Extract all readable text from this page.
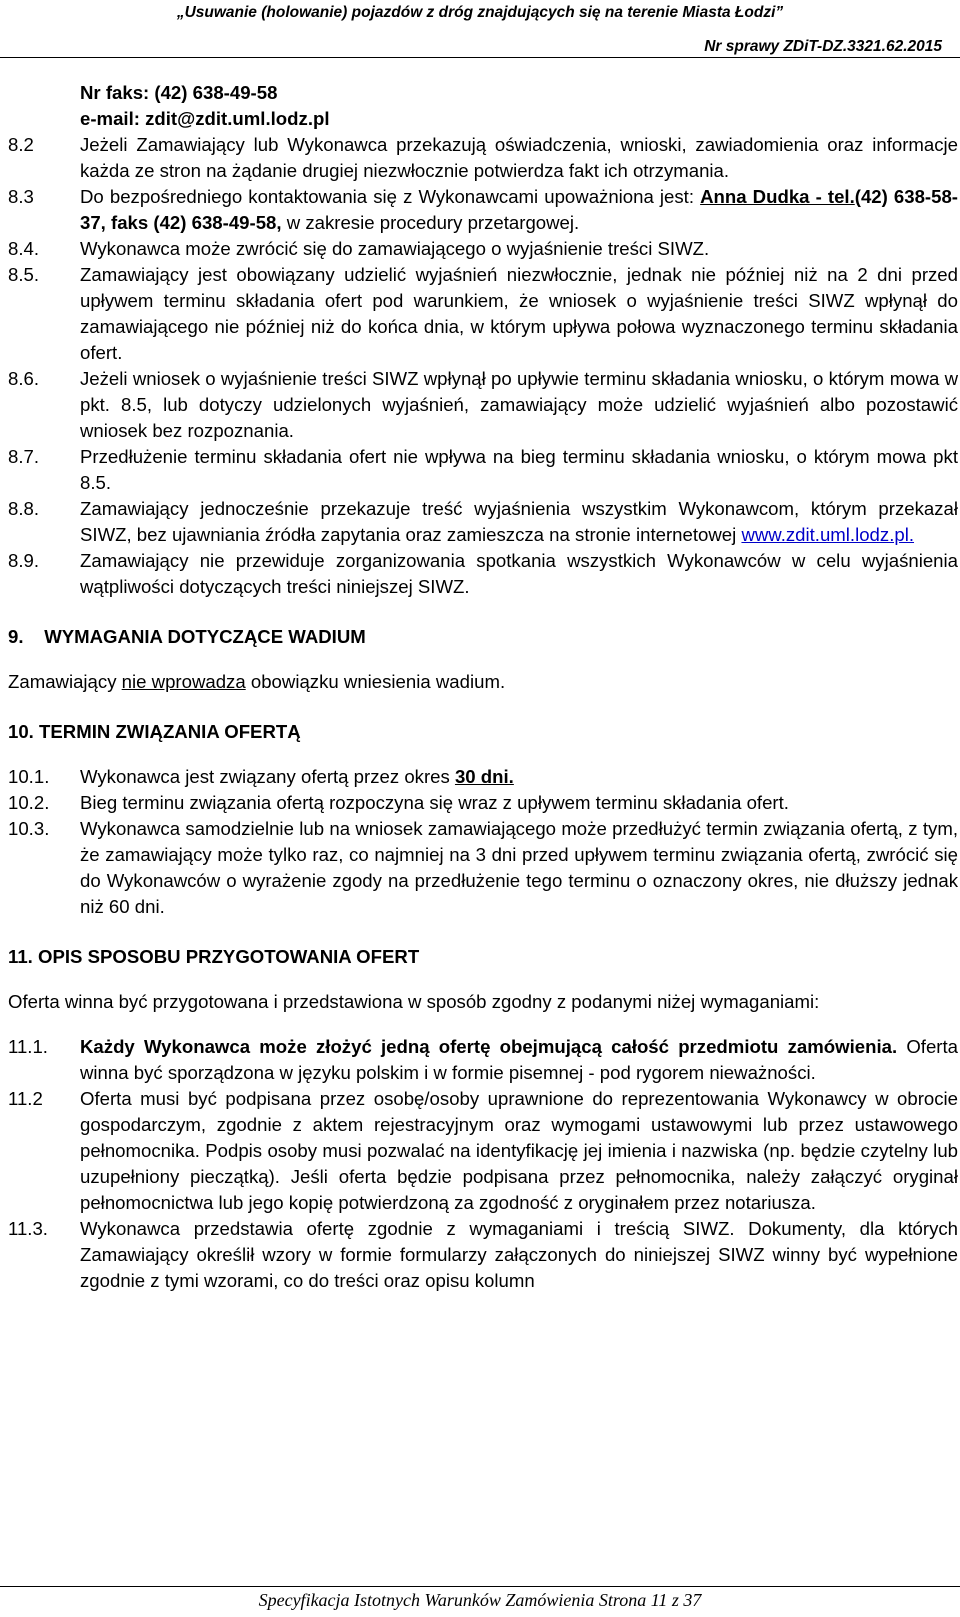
„Usuwanie (holowanie) pojazdów z dróg znajdujących się na terenie Miasta Łodzi”
Nr sprawy ZDiT-DZ.3321.62.2015
Nr faks: (42) 638-49-58
e-mail: zdit@zdit.uml.lodz.pl
8.2 Jeżeli Zamawiający lub Wykonawca przekazują oświadczenia, wnioski, zawiadomienia oraz informacje każda ze stron na żądanie drugiej niezwłocznie potwierdza fakt ich otrzymania.
8.3 Do bezpośredniego kontaktowania się z Wykonawcami upoważniona jest: Anna Dudka - tel.(42) 638-58-37, faks (42) 638-49-58, w zakresie procedury przetargowej.
8.4. Wykonawca może zwrócić się do zamawiającego o wyjaśnienie treści SIWZ.
8.5. Zamawiający jest obowiązany udzielić wyjaśnień niezwłocznie, jednak nie później niż na 2 dni przed upływem terminu składania ofert pod warunkiem, że wniosek o wyjaśnienie treści SIWZ wpłynął do zamawiającego nie później niż do końca dnia, w którym upływa połowa wyznaczonego terminu składania ofert.
8.6. Jeżeli wniosek o wyjaśnienie treści SIWZ wpłynął po upływie terminu składania wniosku, o którym mowa w pkt. 8.5, lub dotyczy udzielonych wyjaśnień, zamawiający może udzielić wyjaśnień albo pozostawić wniosek bez rozpoznania.
8.7. Przedłużenie terminu składania ofert nie wpływa na bieg terminu składania wniosku, o którym mowa pkt 8.5.
8.8. Zamawiający jednocześnie przekazuje treść wyjaśnienia wszystkim Wykonawcom, którym przekazał SIWZ, bez ujawniania źródła zapytania oraz zamieszcza na stronie internetowej www.zdit.uml.lodz.pl.
8.9. Zamawiający nie przewiduje zorganizowania spotkania wszystkich Wykonawców w celu wyjaśnienia wątpliwości dotyczących treści niniejszej SIWZ.
9. WYMAGANIA DOTYCZĄCE WADIUM
Zamawiający nie wprowadza obowiązku wniesienia wadium.
10. TERMIN ZWIĄZANIA OFERTĄ
10.1. Wykonawca jest związany ofertą przez okres 30 dni.
10.2. Bieg terminu związania ofertą rozpoczyna się wraz z upływem terminu składania ofert.
10.3. Wykonawca samodzielnie lub na wniosek zamawiającego może przedłużyć termin związania ofertą, z tym, że zamawiający może tylko raz, co najmniej na 3 dni przed upływem terminu związania ofertą, zwrócić się do Wykonawców o wyrażenie zgody na przedłużenie tego terminu o oznaczony okres, nie dłuższy jednak niż 60 dni.
11. OPIS SPOSOBU PRZYGOTOWANIA OFERT
Oferta winna być przygotowana i przedstawiona w sposób zgodny z podanymi niżej wymaganiami:
11.1. Każdy Wykonawca może złożyć jedną ofertę obejmującą całość przedmiotu zamówienia. Oferta winna być sporządzona w języku polskim i w formie pisemnej - pod rygorem nieważności.
11.2 Oferta musi być podpisana przez osobę/osoby uprawnione do reprezentowania Wykonawcy w obrocie gospodarczym, zgodnie z aktem rejestracyjnym oraz wymogami ustawowymi lub przez ustawowego pełnomocnika. Podpis osoby musi pozwalać na identyfikację jej imienia i nazwiska (np. będzie czytelny lub uzupełniony pieczątką). Jeśli oferta będzie podpisana przez pełnomocnika, należy załączyć oryginał pełnomocnictwa lub jego kopię potwierdzoną za zgodność z oryginałem przez notariusza.
11.3. Wykonawca przedstawia ofertę zgodnie z wymaganiami i treścią SIWZ. Dokumenty, dla których Zamawiający określił wzory w formie formularzy załączonych do niniejszej SIWZ winny być wypełnione zgodnie z tymi wzorami, co do treści oraz opisu kolumn
Specyfikacja Istotnych Warunków Zamówienia Strona 11 z 37
